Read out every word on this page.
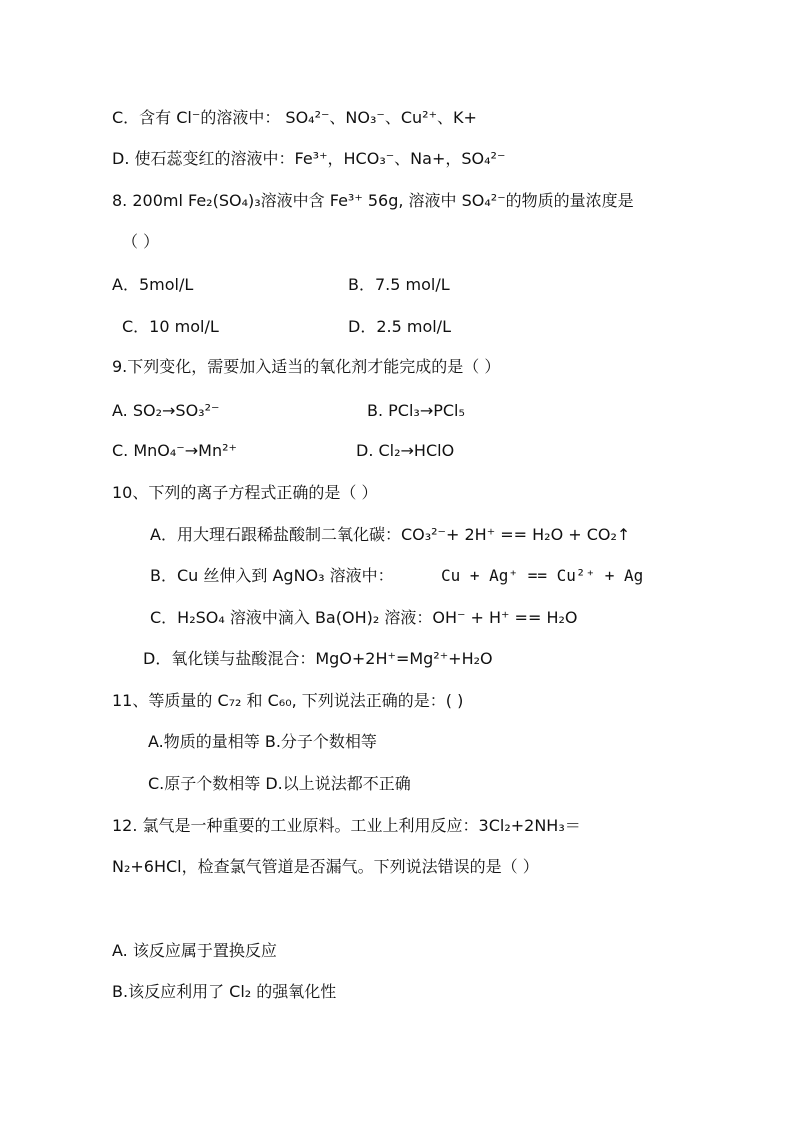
C．含有 Cl⁻的溶液中： SO₄²⁻、NO₃⁻、Cu²⁺、K+
D. 使石蕊变红的溶液中：Fe³⁺，HCO₃⁻、Na+，SO₄²⁻
8. 200ml Fe₂(SO₄)₃溶液中含 Fe³⁺ 56g, 溶液中 SO₄²⁻的物质的量浓度是
（ ）
A．5mol/L	B．7.5 mol/L
C．10 mol/L	D．2.5 mol/L
9.下列变化，需要加入适当的氧化剂才能完成的是（ ）
A. SO₂→SO₃²⁻	B. PCl₃→PCl₅
C. MnO₄⁻→Mn²⁺	D. Cl₂→HClO
10、下列的离子方程式正确的是（ ）
A．用大理石跟稀盐酸制二氧化碳：CO₃²⁻+ 2H⁺ == H₂O + CO₂↑
B．Cu 丝伸入到 AgNO₃ 溶液中：	Cu + Ag⁺ == Cu²⁺ + Ag
C．H₂SO₄ 溶液中滴入 Ba(OH)₂ 溶液：OH⁻ + H⁺ == H₂O
D．氧化镁与盐酸混合：MgO+2H⁺=Mg²⁺+H₂O
11、等质量的 C₇₂ 和 C₆₀, 下列说法正确的是：( )
A.物质的量相等 B.分子个数相等
C.原子个数相等 D.以上说法都不正确
12. 氯气是一种重要的工业原料。工业上利用反应：3Cl₂+2NH₃＝
N₂+6HCl，检查氯气管道是否漏气。下列说法错误的是（ ）
A. 该反应属于置换反应
B.该反应利用了 Cl₂ 的强氧化性
